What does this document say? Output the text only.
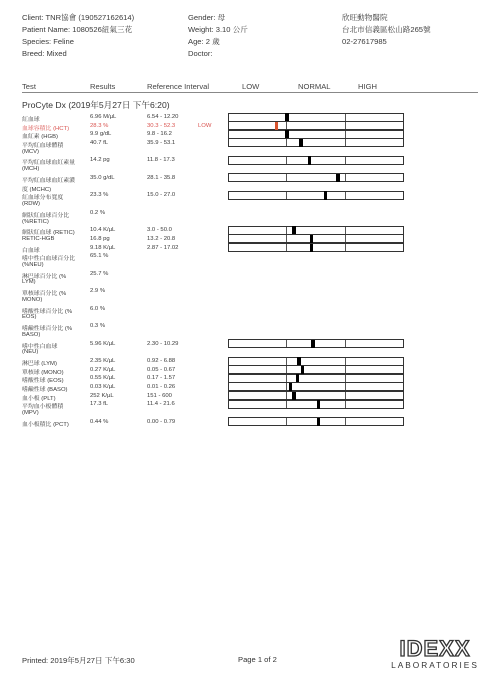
Client: TNR協會 (190527162614)
Patient Name: 1080526紐氣三花
Species: Feline
Breed: Mixed
Gender: 母
Weight: 3.10 公斤
Age: 2 歲
Doctor:
欣旺動物醫院
台北市信義區松山路265號
02-27617985
Test	Results	Reference Interval	LOW	NORMAL	HIGH
ProCyte Dx (2019年5月27日 下午6:20)
紅血球	6.96 M/µL	6.54 - 12.20
血球容積比 (HCT)	28.3 %	30.3 - 52.3	LOW
血紅素 (HGB)	9.9 g/dL	9.8 - 16.2
平均紅血球體積
(MCV)
40.7 fL	35.9 - 53.1
平均紅血球血紅素量
(MCH)
14.2 pg	11.8 - 17.3
平均紅血球血紅素濃
度 (MCHC)
35.0 g/dL	28.1 - 35.8
紅血球分布寬度
(RDW)
23.3 %	15.0 - 27.0
網狀紅血球百分比
(%RETIC)
0.2 %
網狀紅血球 (RETIC)	10.4 K/µL	3.0 - 50.0
RETIC-HGB	16.8 pg	13.2 - 20.8
白血球	9.18 K/µL	2.87 - 17.02
嗜中性白血球百分比
(%NEU)
65.1 %
淋巴球百分比 (%
LYM)
25.7 %
單核球百分比 (%
MONO)
2.9 %
嗜酸性球百分比 (%
EOS)
6.0 %
嗜鹼性球百分比 (%
BASO)
0.3 %
嗜中性白血球
(NEU)
5.96 K/µL	2.30 - 10.29
淋巴球 (LYM)	2.35 K/µL	0.92 - 6.88
單核球 (MONO)	0.27 K/µL	0.05 - 0.67
嗜酸性球 (EOS)	0.55 K/µL	0.17 - 1.57
嗜鹼性球 (BASO)	0.03 K/µL	0.01 - 0.26
血小板 (PLT)	252 K/µL	151 - 600
平均血小板體積
(MPV)
17.3 fL	11.4 - 21.6
血小板積比 (PCT)	0.44 %	0.00 - 0.79
Printed: 2019年5月27日 下午6:30	Page 1 of 2	IDEXX
LABORATORIES
